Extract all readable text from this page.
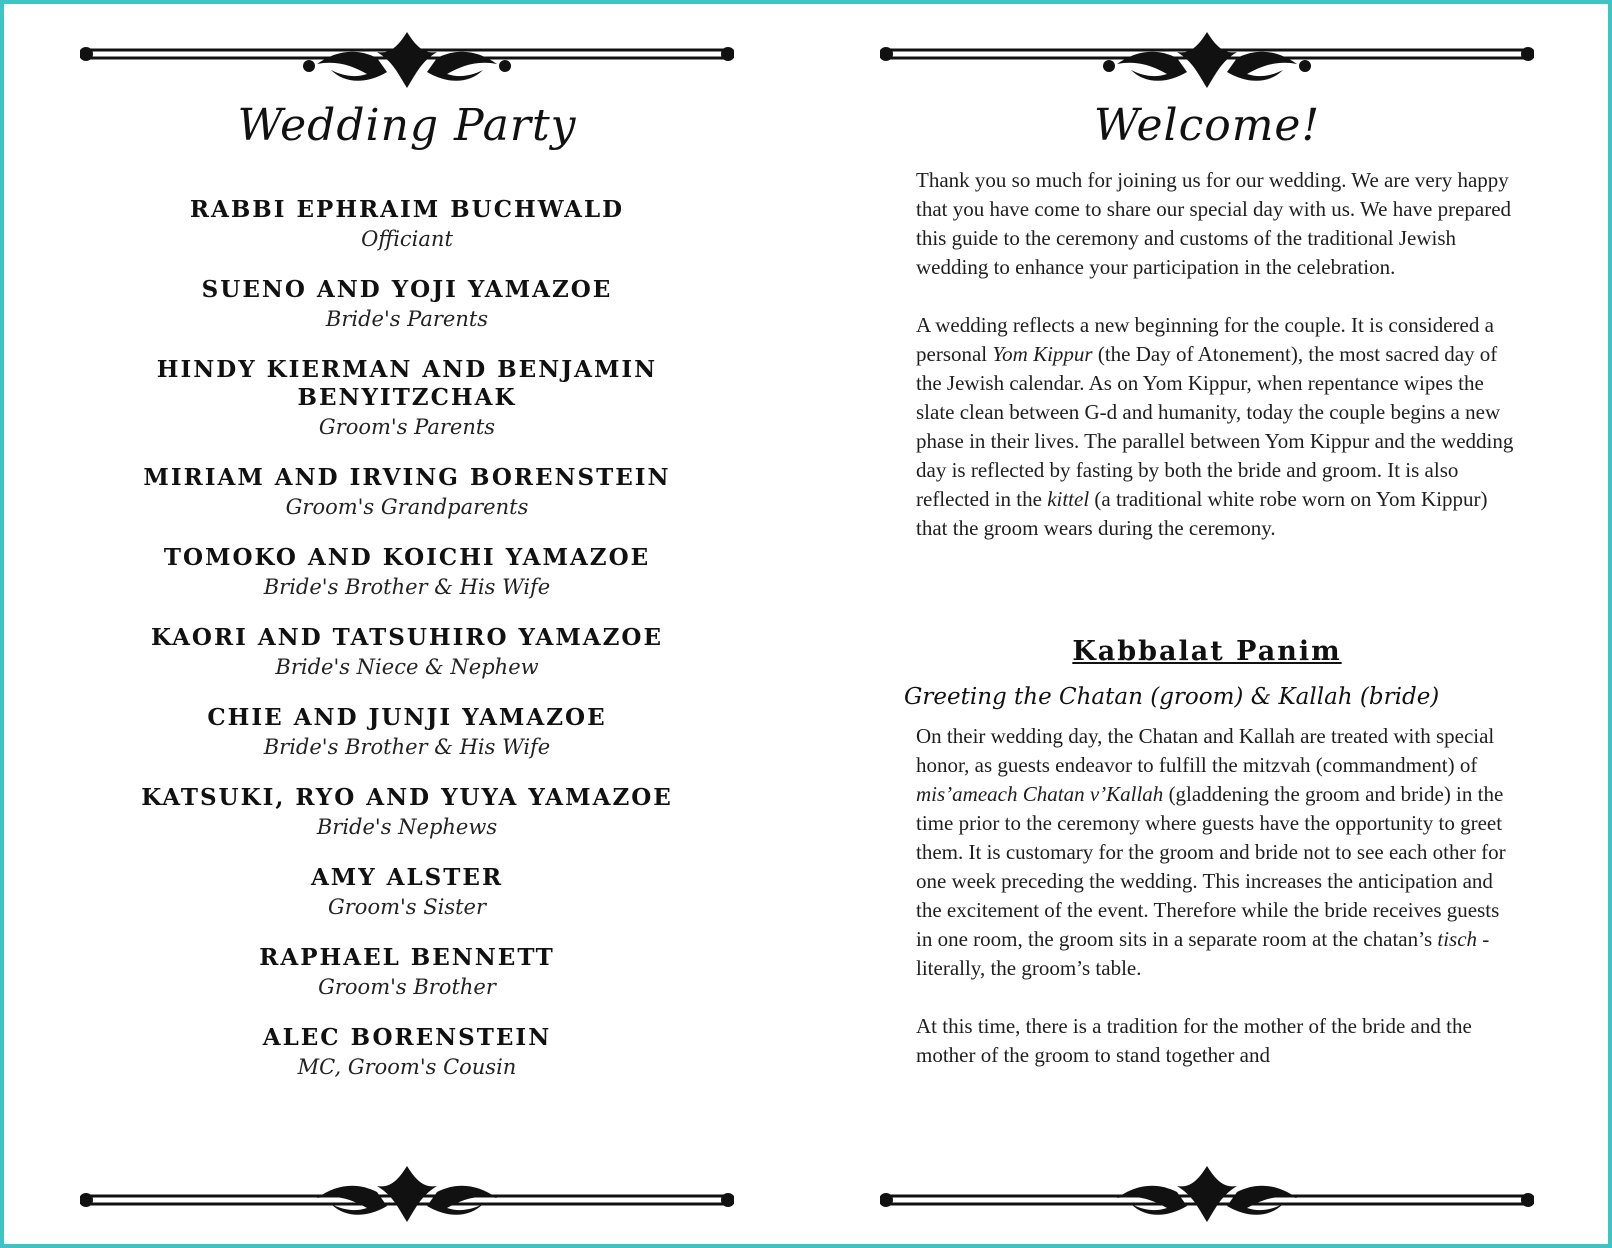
Wedding Party
RABBI EPHRAIM BUCHWALD
Officiant
SUENO AND YOJI YAMAZOE
Bride's Parents
HINDY KIERMAN AND BENJAMIN BENYITZCHAK
Groom's Parents
MIRIAM AND IRVING BORENSTEIN
Groom's Grandparents
TOMOKO AND KOICHI YAMAZOE
Bride's Brother & His Wife
KAORI AND TATSUHIRO YAMAZOE
Bride's Niece & Nephew
CHIE AND JUNJI YAMAZOE
Bride's Brother & His Wife
KATSUKI, RYO AND YUYA YAMAZOE
Bride's Nephews
AMY ALSTER
Groom's Sister
RAPHAEL BENNETT
Groom's Brother
ALEC BORENSTEIN
MC, Groom's Cousin
Welcome!

Thank you so much for joining us for our wedding. We are very happy that you have come to share our special day with us. We have prepared this guide to the ceremony and customs of the traditional Jewish wedding to enhance your participation in the celebration.

A wedding reflects a new beginning for the couple. It is considered a personal Yom Kippur (the Day of Atonement), the most sacred day of the Jewish calendar. As on Yom Kippur, when repentance wipes the slate clean between G-d and humanity, today the couple begins a new phase in their lives. The parallel between Yom Kippur and the wedding day is reflected by fasting by both the bride and groom. It is also reflected in the kittel (a traditional white robe worn on Yom Kippur) that the groom wears during the ceremony.

Kabbalat Panim
Greeting the Chatan (groom) & Kallah (bride)

On their wedding day, the Chatan and Kallah are treated with special honor, as guests endeavor to fulfill the mitzvah (commandment) of mis’ameach Chatan v’Kallah (gladdening the groom and bride) in the time prior to the ceremony where guests have the opportunity to greet them. It is customary for the groom and bride not to see each other for one week preceding the wedding. This increases the anticipation and the excitement of the event. Therefore while the bride receives guests in one room, the groom sits in a separate room at the chatan’s tisch - literally, the groom’s table.

At this time, there is a tradition for the mother of the bride and the mother of the groom to stand together and
